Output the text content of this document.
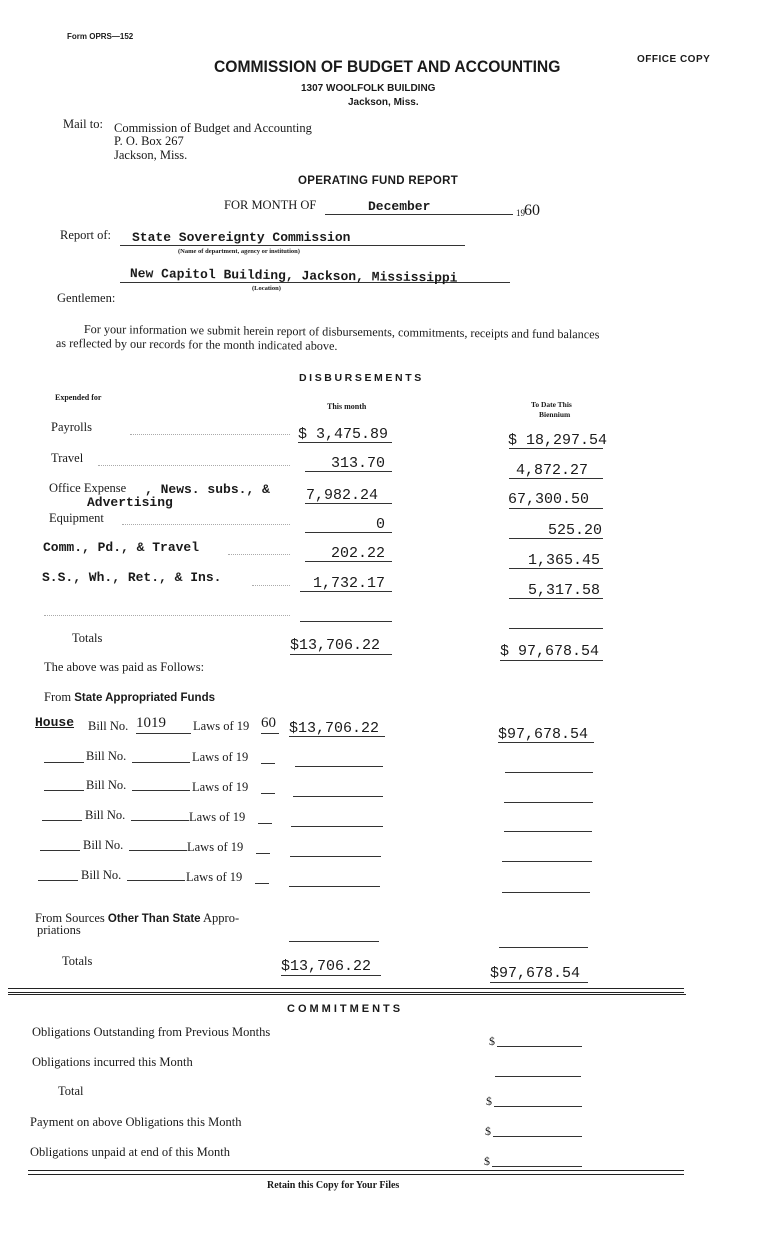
Form OPRS—152
OFFICE COPY
COMMISSION OF BUDGET AND ACCOUNTING
1307 WOOLFOLK BUILDING
Jackson, Miss.
Mail to: Commission of Budget and Accounting
P. O. Box 267
Jackson, Miss.
OPERATING FUND REPORT
FOR MONTH OF	December	19 60
Report of: State Sovereignty Commission
(Name of department, agency or institution)
New Capitol Building, Jackson, Mississippi
(Location)
Gentlemen:
For your information we submit herein report of disbursements, commitments, receipts and fund balances
as reflected by our records for the month indicated above.
DISBURSEMENTS
Expended for
This month	To Date This
Biennium
Payrolls	$ 3,475.89	$ 18,297.54
Travel	313.70	4,872.27
Office Expense , News. subs., &
Advertising	7,982.24	67,300.50
Equipment	0	525.20
Comm., Pd., & Travel	202.22	1,365.45
S.S., Wh., Ret., & Ins.	1,732.17	5,317.58
Totals	$13,706.22	$ 97,678.54
The above was paid as Follows:
From State Appropriated Funds
House Bill No. 1019 Laws of 19 60 $13,706.22	$97,678.54
Bill No.	Laws of 19
Bill No.	Laws of 19
Bill No.	Laws of 19
Bill No.	Laws of 19
Bill No.	Laws of 19
From Sources Other Than State Appro-
priations
Totals	$13,706.22	$97,678.54
COMMITMENTS
Obligations Outstanding from Previous Months
$
Obligations incurred this Month
Total
$
Payment on above Obligations this Month
$
Obligations unpaid at end of this Month
$
Retain this Copy for Your Files
